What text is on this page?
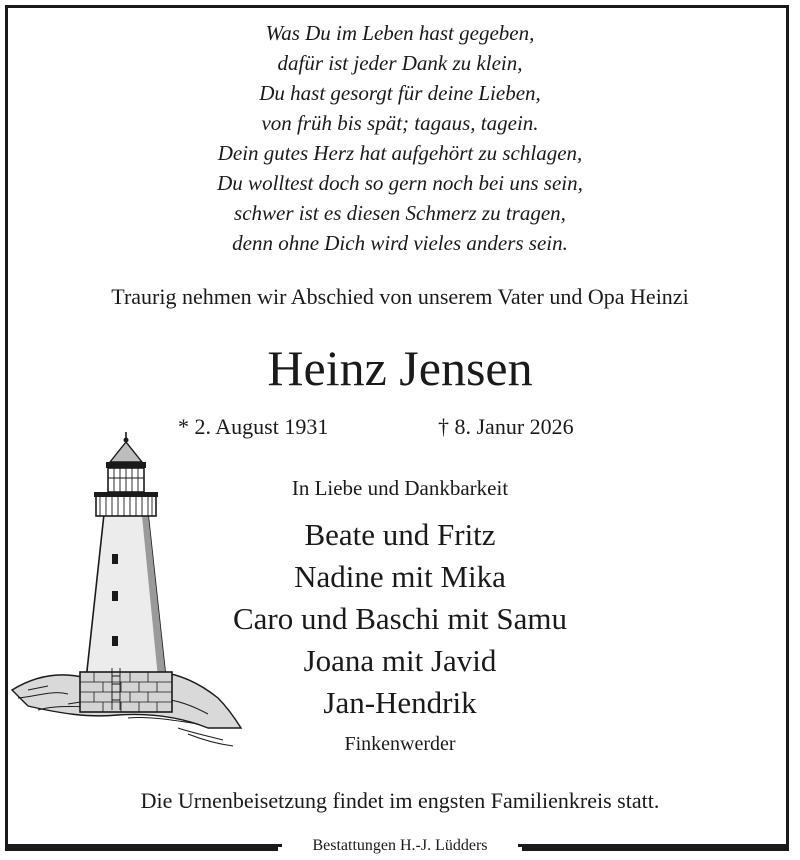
Was Du im Leben hast gegeben,
dafür ist jeder Dank zu klein,
Du hast gesorgt für deine Lieben,
von früh bis spät; tagaus, tagein.
Dein gutes Herz hat aufgehört zu schlagen,
Du wolltest doch so gern noch bei uns sein,
schwer ist es diesen Schmerz zu tragen,
denn ohne Dich wird vieles anders sein.
Traurig nehmen wir Abschied von unserem Vater und Opa Heinzi
Heinz Jensen
* 2. August 1931	† 8. Janur 2026
In Liebe und Dankbarkeit
Beate und Fritz
Nadine mit Mika
Caro und Baschi mit Samu
Joana mit Javid
Jan-Hendrik
Finkenwerder
Die Urnenbeisetzung findet im engsten Familienkreis statt.
Bestattungen H.-J. Lüdders
